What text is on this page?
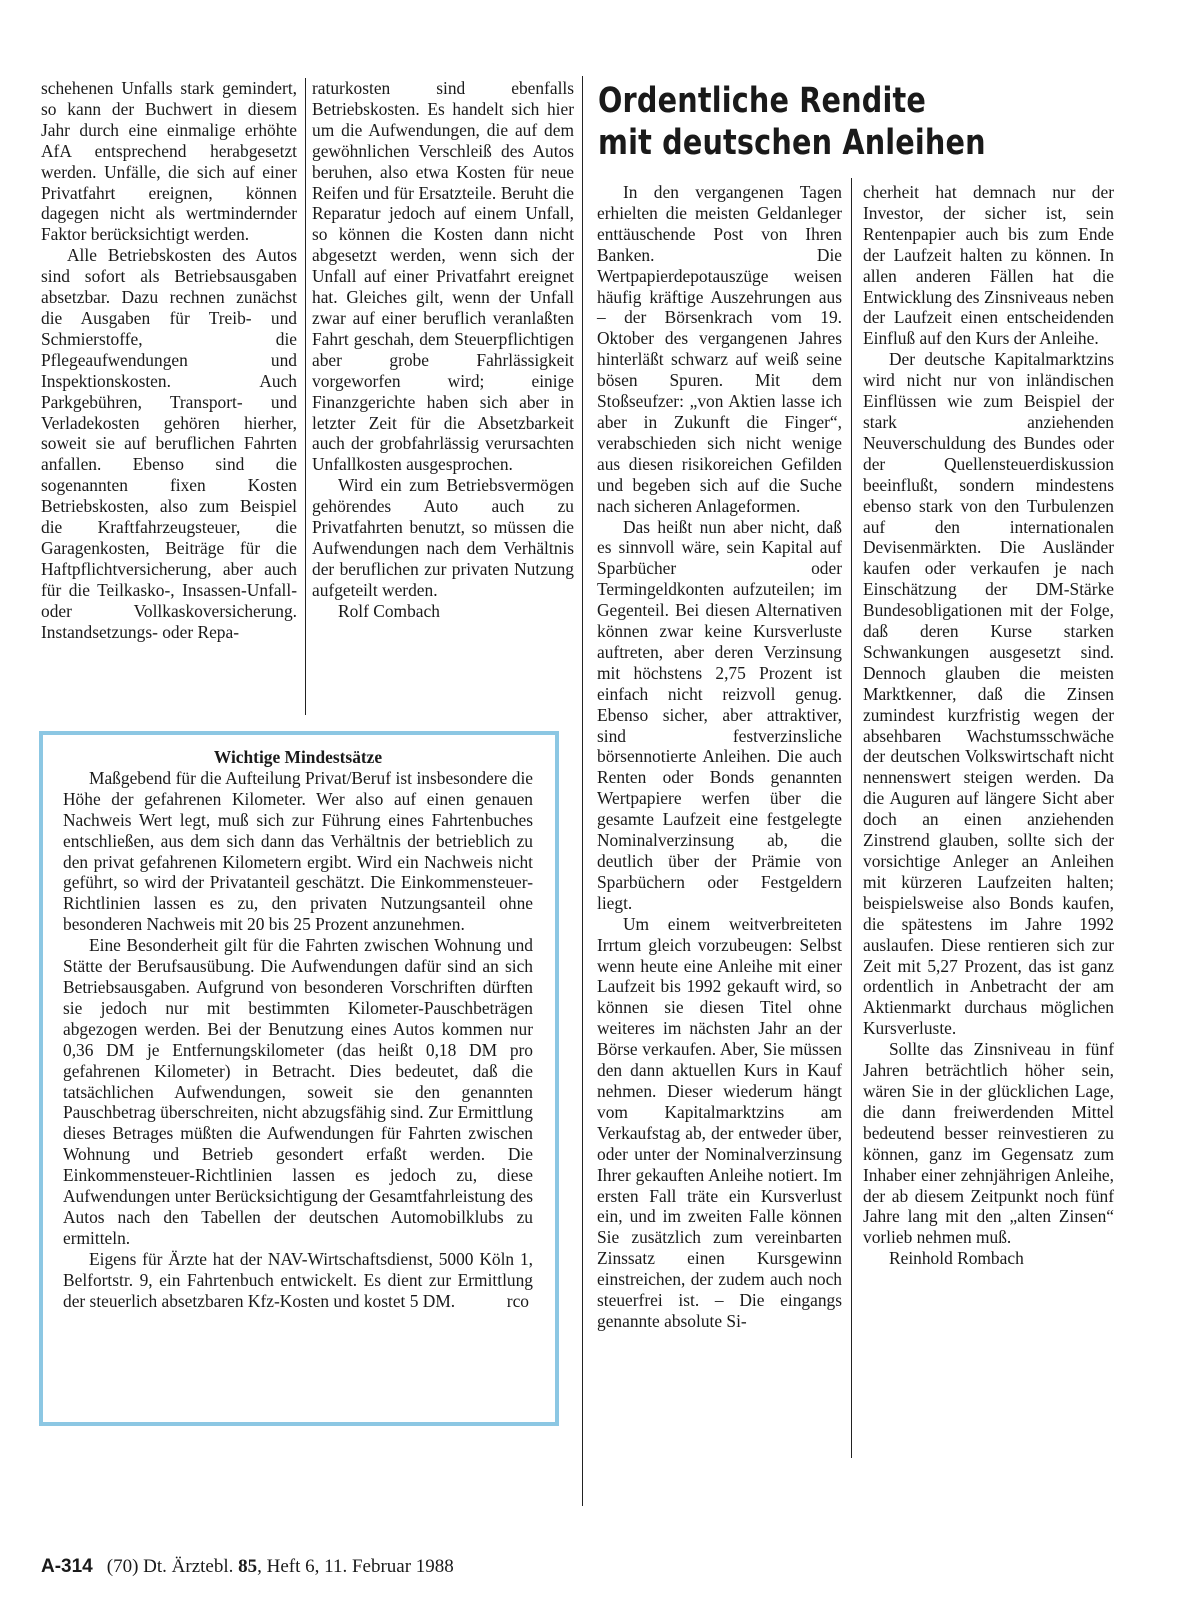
schehenen Unfalls stark gemindert, so kann der Buchwert in diesem Jahr durch eine einmalige erhöhte AfA entsprechend herabgesetzt werden. Unfälle, die sich auf einer Privatfahrt ereignen, können dagegen nicht als wertmindernder Faktor berücksichtigt werden.

Alle Betriebskosten des Autos sind sofort als Betriebsausgaben absetzbar. Dazu rechnen zunächst die Ausgaben für Treib- und Schmierstoffe, die Pflegeaufwendungen und Inspektionskosten. Auch Parkgebühren, Transport- und Verladekosten gehören hierher, soweit sie auf beruflichen Fahrten anfallen. Ebenso sind die sogenannten fixen Kosten Betriebskosten, also zum Beispiel die Kraftfahrzeugsteuer, die Garagenkosten, Beiträge für die Haftpflichtversicherung, aber auch für die Teilkasko-, Insassen-Unfall- oder Vollkaskoversicherung. Instandsetzungs- oder Repa-

raturkosten sind ebenfalls Betriebskosten. Es handelt sich hier um die Aufwendungen, die auf dem gewöhnlichen Verschleiß des Autos beruhen, also etwa Kosten für neue Reifen und für Ersatzteile. Beruht die Reparatur jedoch auf einem Unfall, so können die Kosten dann nicht abgesetzt werden, wenn sich der Unfall auf einer Privatfahrt ereignet hat. Gleiches gilt, wenn der Unfall zwar auf einer beruflich veranlaßten Fahrt geschah, dem Steuerpflichtigen aber grobe Fahrlässigkeit vorgeworfen wird; einige Finanzgerichte haben sich aber in letzter Zeit für die Absetzbarkeit auch der grobfahrlässig verursachten Unfallkosten ausgesprochen.

Wird ein zum Betriebsvermögen gehörendes Auto auch zu Privatfahrten benutzt, so müssen die Aufwendungen nach dem Verhältnis der beruflichen zur privaten Nutzung aufgeteilt werden.

Rolf Combach

Ordentliche Rendite
mit deutschen Anleihen

In den vergangenen Tagen erhielten die meisten Geldanleger enttäuschende Post von Ihren Banken. Die Wertpapierdepotauszüge weisen häufig kräftige Auszehrungen aus – der Börsenkrach vom 19. Oktober des vergangenen Jahres hinterläßt schwarz auf weiß seine bösen Spuren. Mit dem Stoßseufzer: „von Aktien lasse ich aber in Zukunft die Finger“, verabschieden sich nicht wenige aus diesen risikoreichen Gefilden und begeben sich auf die Suche nach sicheren Anlageformen.

Das heißt nun aber nicht, daß es sinnvoll wäre, sein Kapital auf Sparbücher oder Termingeldkonten aufzuteilen; im Gegenteil. Bei diesen Alternativen können zwar keine Kursverluste auftreten, aber deren Verzinsung mit höchstens 2,75 Prozent ist einfach nicht reizvoll genug. Ebenso sicher, aber attraktiver, sind festverzinsliche börsennotierte Anleihen. Die auch Renten oder Bonds genannten Wertpapiere werfen über die gesamte Laufzeit eine festgelegte Nominalverzinsung ab, die deutlich über der Prämie von Sparbüchern oder Festgeldern liegt.

Um einem weitverbreiteten Irrtum gleich vorzubeugen: Selbst wenn heute eine Anleihe mit einer Laufzeit bis 1992 gekauft wird, so können sie diesen Titel ohne weiteres im nächsten Jahr an der Börse verkaufen. Aber, Sie müssen den dann aktuellen Kurs in Kauf nehmen. Dieser wiederum hängt vom Kapitalmarktzins am Verkaufstag ab, der entweder über, oder unter der Nominalverzinsung Ihrer gekauften Anleihe notiert. Im ersten Fall träte ein Kursverlust ein, und im zweiten Falle können Sie zusätzlich zum vereinbarten Zinssatz einen Kursgewinn einstreichen, der zudem auch noch steuerfrei ist. – Die eingangs genannte absolute Si-

cherheit hat demnach nur der Investor, der sicher ist, sein Rentenpapier auch bis zum Ende der Laufzeit halten zu können. In allen anderen Fällen hat die Entwicklung des Zinsniveaus neben der Laufzeit einen entscheidenden Einfluß auf den Kurs der Anleihe.

Der deutsche Kapitalmarktzins wird nicht nur von inländischen Einflüssen wie zum Beispiel der stark anziehenden Neuverschuldung des Bundes oder der Quellensteuerdiskussion beeinflußt, sondern mindestens ebenso stark von den Turbulenzen auf den internationalen Devisenmärkten. Die Ausländer kaufen oder verkaufen je nach Einschätzung der DM-Stärke Bundesobligationen mit der Folge, daß deren Kurse starken Schwankungen ausgesetzt sind. Dennoch glauben die meisten Marktkenner, daß die Zinsen zumindest kurzfristig wegen der absehbaren Wachstumsschwäche der deutschen Volkswirtschaft nicht nennenswert steigen werden. Da die Auguren auf längere Sicht aber doch an einen anziehenden Zinstrend glauben, sollte sich der vorsichtige Anleger an Anleihen mit kürzeren Laufzeiten halten; beispielsweise also Bonds kaufen, die spätestens im Jahre 1992 auslaufen. Diese rentieren sich zur Zeit mit 5,27 Prozent, das ist ganz ordentlich in Anbetracht der am Aktienmarkt durchaus möglichen Kursverluste.

Sollte das Zinsniveau in fünf Jahren beträchtlich höher sein, wären Sie in der glücklichen Lage, die dann freiwerdenden Mittel bedeutend besser reinvestieren zu können, ganz im Gegensatz zum Inhaber einer zehnjährigen Anleihe, der ab diesem Zeitpunkt noch fünf Jahre lang mit den „alten Zinsen“ vorlieb nehmen muß.

Reinhold Rombach

Wichtige Mindestsätze

Maßgebend für die Aufteilung Privat/Beruf ist insbesondere die Höhe der gefahrenen Kilometer. Wer also auf einen genauen Nachweis Wert legt, muß sich zur Führung eines Fahrtenbuches entschließen, aus dem sich dann das Verhältnis der betrieblich zu den privat gefahrenen Kilometern ergibt. Wird ein Nachweis nicht geführt, so wird der Privatanteil geschätzt. Die Einkommensteuer-Richtlinien lassen es zu, den privaten Nutzungsanteil ohne besonderen Nachweis mit 20 bis 25 Prozent anzunehmen.

Eine Besonderheit gilt für die Fahrten zwischen Wohnung und Stätte der Berufsausübung. Die Aufwendungen dafür sind an sich Betriebsausgaben. Aufgrund von besonderen Vorschriften dürften sie jedoch nur mit bestimmten Kilometer-Pauschbeträgen abgezogen werden. Bei der Benutzung eines Autos kommen nur 0,36 DM je Entfernungskilometer (das heißt 0,18 DM pro gefahrenen Kilometer) in Betracht. Dies bedeutet, daß die tatsächlichen Aufwendungen, soweit sie den genannten Pauschbetrag überschreiten, nicht abzugsfähig sind. Zur Ermittlung dieses Betrages müßten die Aufwendungen für Fahrten zwischen Wohnung und Betrieb gesondert erfaßt werden. Die Einkommensteuer-Richtlinien lassen es jedoch zu, diese Aufwendungen unter Berücksichtigung der Gesamtfahrleistung des Autos nach den Tabellen der deutschen Automobilklubs zu ermitteln.

Eigens für Ärzte hat der NAV-Wirtschaftsdienst, 5000 Köln 1, Belfortstr. 9, ein Fahrtenbuch entwickelt. Es dient zur Ermittlung der steuerlich absetzbaren Kfz-Kosten und kostet 5 DM.	rco

A-314 (70) Dt. Ärztebl. 85, Heft 6, 11. Februar 1988
